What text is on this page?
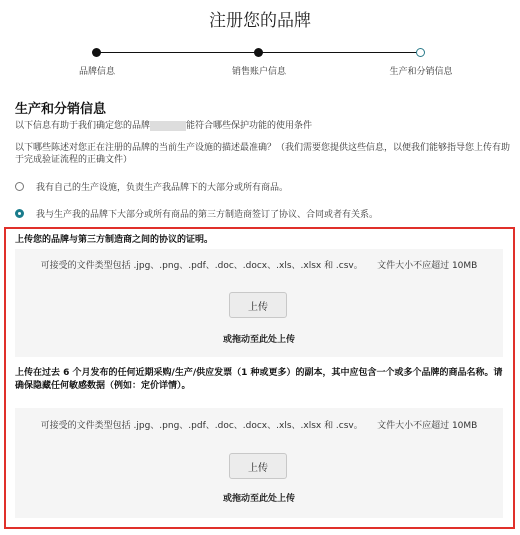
注册您的品牌
品牌信息	销售账户信息	生产和分销信息
生产和分销信息
以下信息有助于我们确定您的品牌	能符合哪些保护功能的使用条件
以下哪些陈述对您正在注册的品牌的当前生产设施的描述最准确？（我们需要您提供这些信息，以便我们能够指导您上传有助于完成验证流程的正确文件）
我有自己的生产设施，负责生产我品牌下的大部分或所有商品。
我与生产我的品牌下大部分或所有商品的第三方制造商签订了协议、合同或者有关系。
上传您的品牌与第三方制造商之间的协议的证明。
可接受的文件类型包括 .jpg、.png、.pdf、.doc、.docx、.xls、.xlsx 和 .csv。 文件大小不应超过 10MB
上传
或拖动至此处上传
上传在过去 6 个月发布的任何近期采购/生产/供应发票（1 种或更多）的副本，其中应包含一个或多个品牌的商品名称。请确保隐藏任何敏感数据（例如：定价详情）。
可接受的文件类型包括 .jpg、.png、.pdf、.doc、.docx、.xls、.xlsx 和 .csv。 文件大小不应超过 10MB
上传
或拖动至此处上传
